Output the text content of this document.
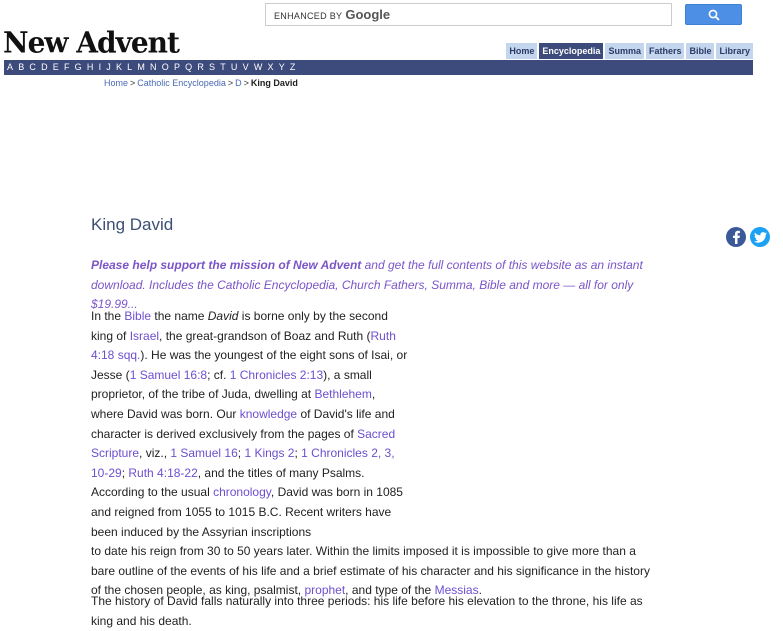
ENHANCED BY Google
New Advent	Home Encyclopedia Summa Fathers Bible Library
A B C D E F G H I J K L M N O P Q R S T U V W X Y Z
Home > Catholic Encyclopedia > D > King David
King David
Please help support the mission of New Advent and get the full contents of this website as an instant download. Includes the Catholic Encyclopedia, Church Fathers, Summa, Bible and more — all for only $19.99...

In the Bible the name David is borne only by the second king of Israel, the great-grandson of Boaz and Ruth (Ruth 4:18 sqq.). He was the youngest of the eight sons of Isai, or Jesse (1 Samuel 16:8; cf. 1 Chronicles 2:13), a small proprietor, of the tribe of Juda, dwelling at Bethlehem, where David was born. Our knowledge of David's life and character is derived exclusively from the pages of Sacred Scripture, viz., 1 Samuel 16; 1 Kings 2; 1 Chronicles 2, 3, 10-29; Ruth 4:18-22, and the titles of many Psalms. According to the usual chronology, David was born in 1085 and reigned from 1055 to 1015 B.C. Recent writers have been induced by the Assyrian inscriptions

to date his reign from 30 to 50 years later. Within the limits imposed it is impossible to give more than a bare outline of the events of his life and a brief estimate of his character and his significance in the history of the chosen people, as king, psalmist, prophet, and type of the Messias.

The history of David falls naturally into three periods: his life before his elevation to the throne, his life as king and his death.
